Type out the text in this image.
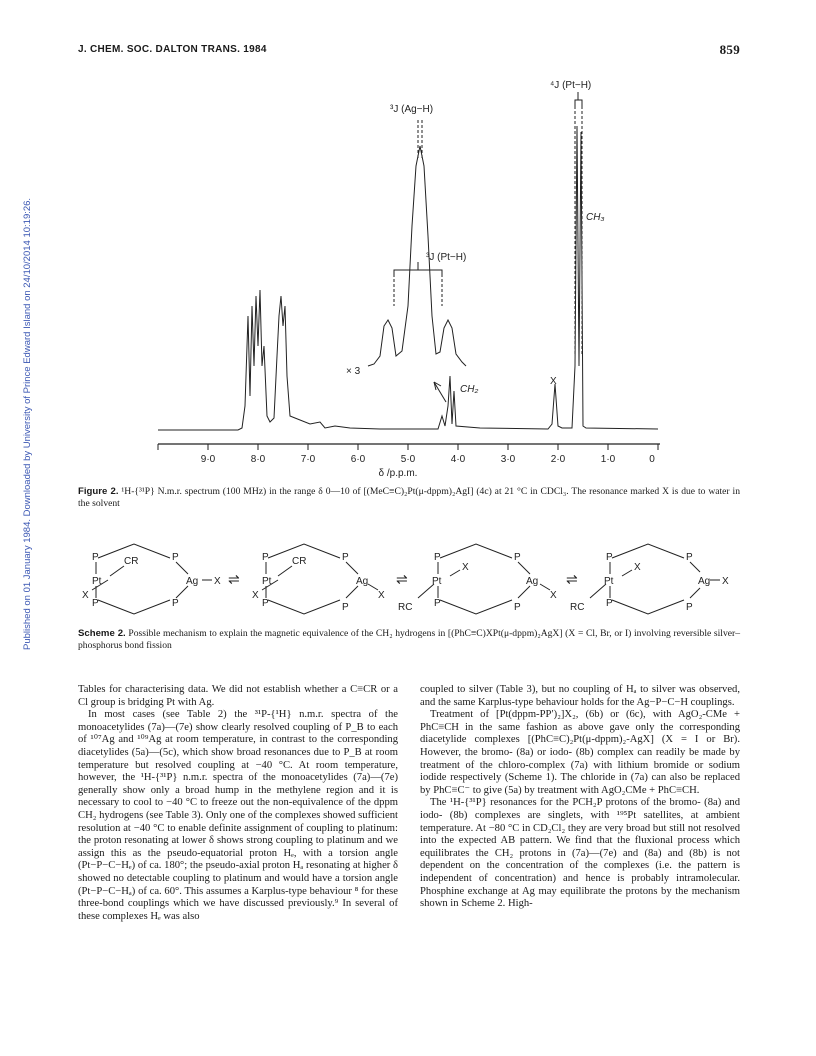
Published on 01 January 1984. Downloaded by University of Prince Edward Island on 24/10/2014 10:19:26.
J. CHEM. SOC. DALTON TRANS. 1984	859
9·0	8·0	7·0	6·0	5·0	4·0	3·0	2·0	1·0	0
δ /p.p.m.
³J (Ag−H)
⁴J (Pt−H)
³J (Pt−H)
CH₃
CH₂
X
× 3
Figure 2. ¹H-{³¹P} N.m.r. spectrum (100 MHz) in the range δ 0—10 of [(MeC≡C)₂Pt(μ-dppm)₂AgI] (4c) at 21 °C in CDCl₃. The resonance marked X is due to water in the solvent
P	P
P	P
Pt	Ag X
X
CR
⇌
P	P
P	P
Pt	Ag
X
X
CR
⇌
P	P
P	P
Pt	Ag
X
X
RC
⇌
P	P
P	P
Pt	Ag X
X
RC
Scheme 2. Possible mechanism to explain the magnetic equivalence of the CH₂ hydrogens in [(PhC≡C)XPt(μ-dppm)₂AgX] (X = Cl, Br, or I) involving reversible silver–phosphorus bond fission

Tables for characterising data. We did not establish whether a C≡CR or a Cl group is bridging Pt with Ag.

In most cases (see Table 2) the ³¹P-{¹H} n.m.r. spectra of the monoacetylides (7a)—(7e) show clearly resolved coupling of P_B to each of ¹⁰⁷Ag and ¹⁰⁹Ag at room temperature, in contrast to the corresponding diacetylides (5a)—(5c), which show broad resonances due to P_B at room temperature but resolved coupling at −40 °C. At room temperature, however, the ¹H-{³¹P} n.m.r. spectra of the monoacetylides (7a)—(7e) generally show only a broad hump in the methylene region and it is necessary to cool to −40 °C to freeze out the non-equivalence of the dppm CH₂ hydrogens (see Table 3). Only one of the complexes showed sufficient resolution at −40 °C to enable definite assignment of coupling to platinum: the proton resonating at lower δ shows strong coupling to platinum and we assign this as the pseudo-equatorial proton Hₑ, with a torsion angle (Pt−P−C−Hₑ) of ca. 180°; the pseudo-axial proton Hₐ resonating at higher δ showed no detectable coupling to platinum and would have a torsion angle (Pt−P−C−Hₐ) of ca. 60°. This assumes a Karplus-type behaviour ⁸ for these three-bond couplings which we have discussed previously.⁹ In several of these complexes Hₑ was also

coupled to silver (Table 3), but no coupling of Hₐ to silver was observed, and the same Karplus-type behaviour holds for the Ag−P−C−H couplings.

Treatment of [Pt(dppm-PP′)₂]X₂, (6b) or (6c), with AgO₂-CMe + PhC≡CH in the same fashion as above gave only the corresponding diacetylide complexes [(PhC≡C)₂Pt(μ-dppm)₂-AgX] (X = I or Br). However, the bromo- (8a) or iodo- (8b) complex can readily be made by treatment of the chloro-complex (7a) with lithium bromide or sodium iodide respectively (Scheme 1). The chloride in (7a) can also be replaced by PhC≡C⁻ to give (5a) by treatment with AgO₂CMe + PhC≡CH.

The ¹H-{³¹P} resonances for the PCH₂P protons of the bromo- (8a) and iodo- (8b) complexes are singlets, with ¹⁹⁵Pt satellites, at ambient temperature. At −80 °C in CD₂Cl₂ they are very broad but still not resolved into the expected AB pattern. We find that the fluxional process which equilibrates the CH₂ protons in (7a)—(7e) and (8a) and (8b) is not dependent on the concentration of the complexes (i.e. the pattern is independent of concentration) and hence is probably intramolecular. Phosphine exchange at Ag may equilibrate the protons by the mechanism shown in Scheme 2. High-
